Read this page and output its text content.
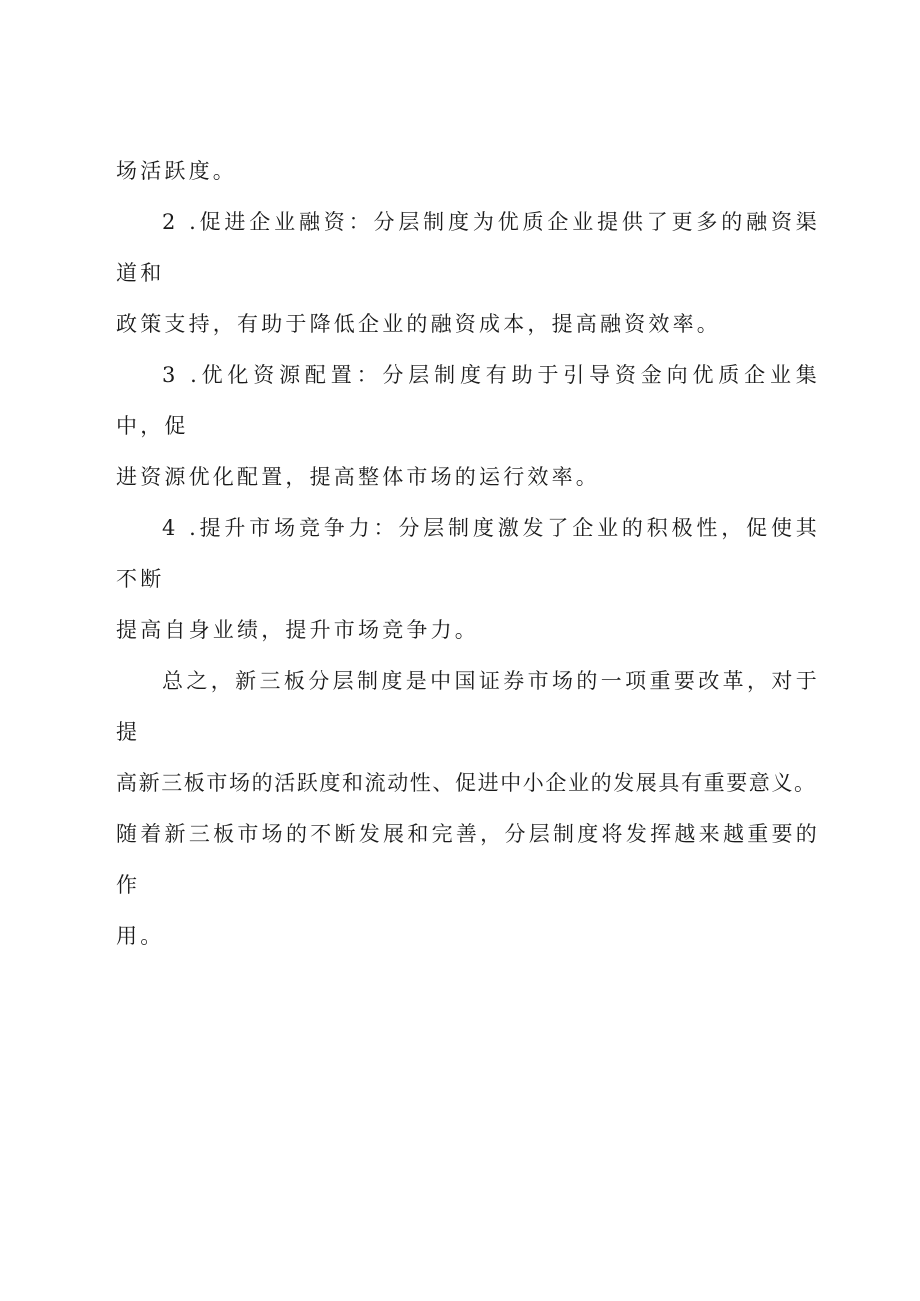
场活跃度。

2 .促进企业融资：分层制度为优质企业提供了更多的融资渠道和
政策支持，有助于降低企业的融资成本，提高融资效率。

3 .优化资源配置：分层制度有助于引导资金向优质企业集中，促
进资源优化配置，提高整体市场的运行效率。

4 .提升市场竞争力：分层制度激发了企业的积极性，促使其不断
提高自身业绩，提升市场竞争力。

总之，新三板分层制度是中国证券市场的一项重要改革，对于提
高新三板市场的活跃度和流动性、促进中小企业的发展具有重要意义。
随着新三板市场的不断发展和完善，分层制度将发挥越来越重要的作
用。
